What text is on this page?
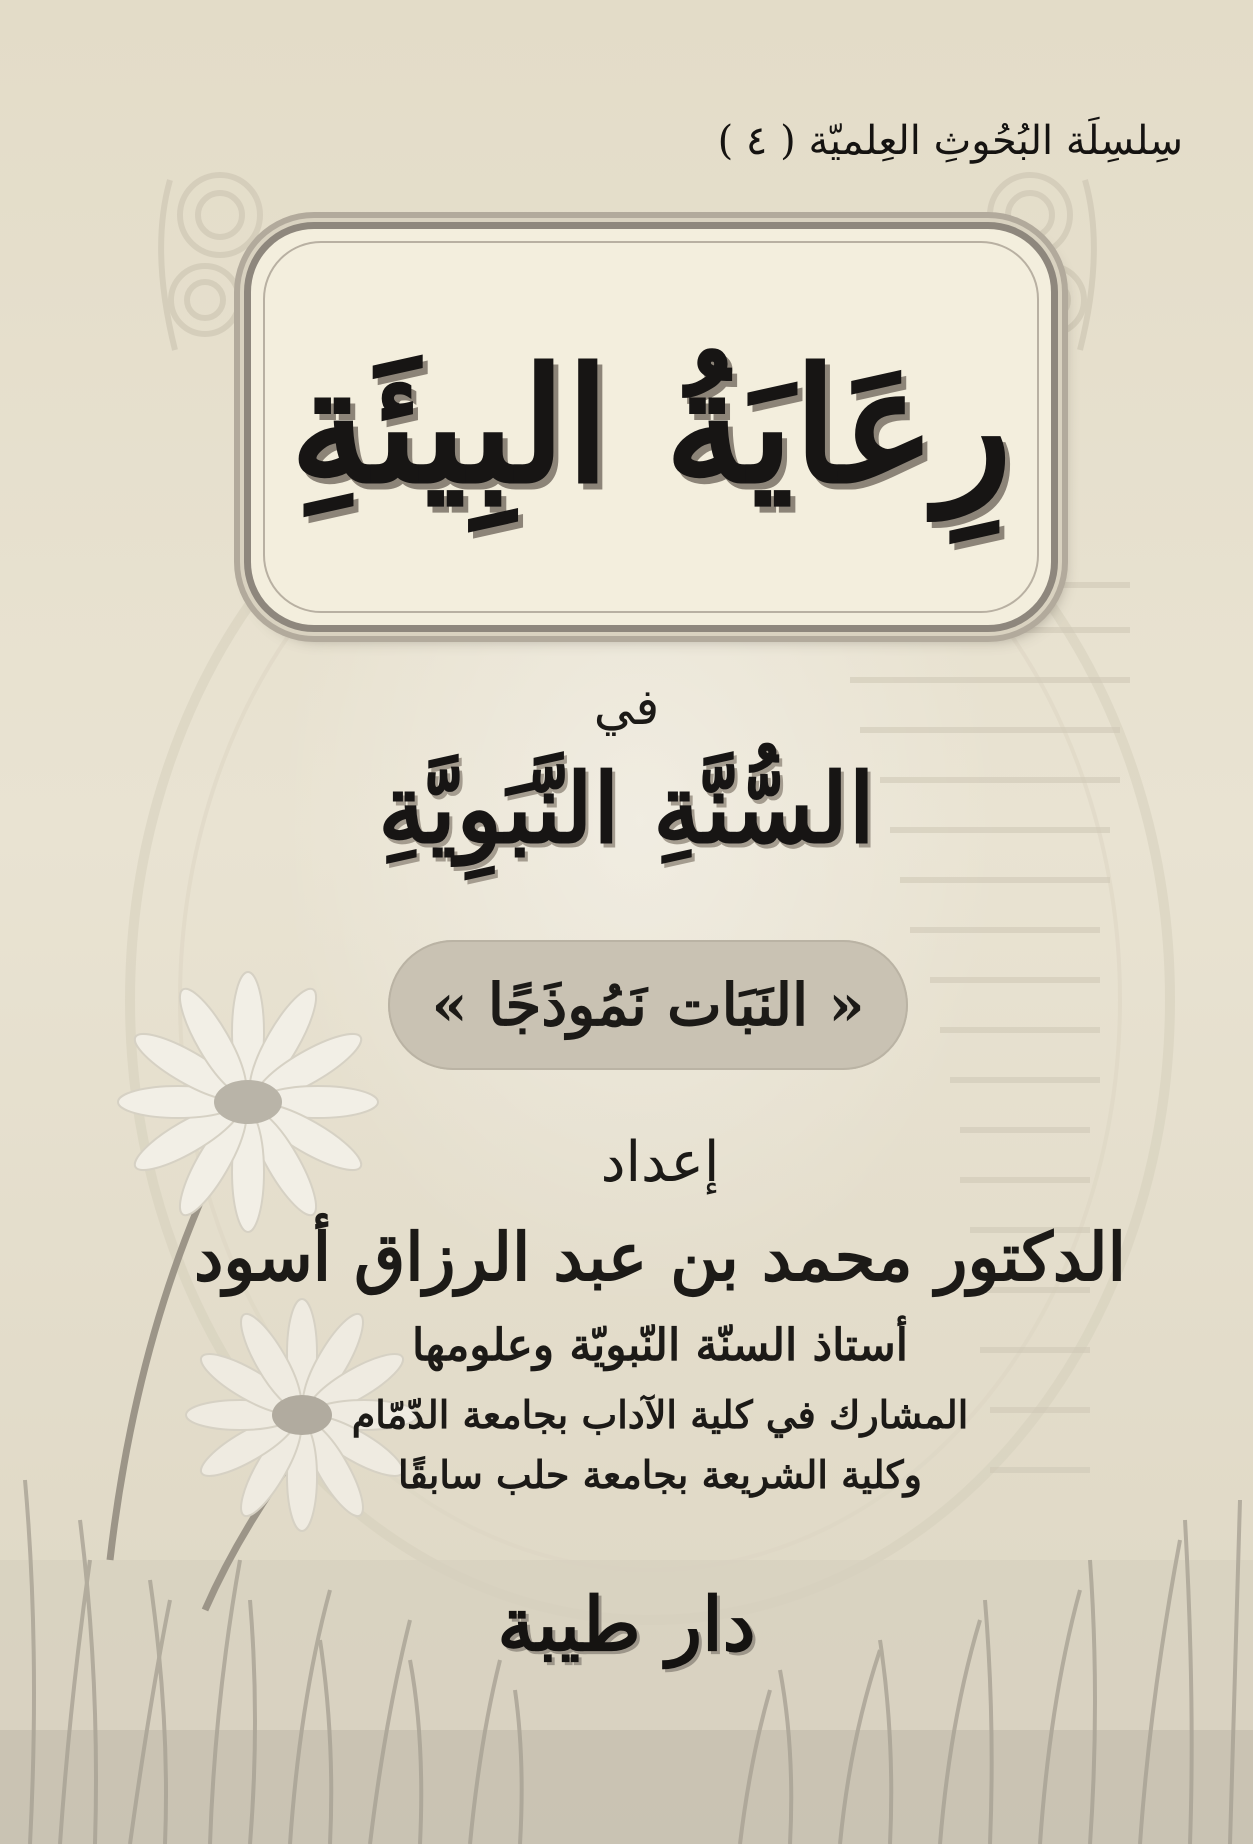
سِلسِلَة البُحُوثِ العِلميّة ( ٤ )
رِعَايَةُ البِيئَةِ
في
السُّنَّةِ النَّبَوِيَّةِ
« النَبَات نَمُوذَجًا »
إعداد
الدكتور محمد بن عبد الرزاق أسود
أستاذ السنّة النّبويّة وعلومها
المشارك في كلية الآداب بجامعة الدّمّام
وكلية الشريعة بجامعة حلب سابقًا
دار طيبة
